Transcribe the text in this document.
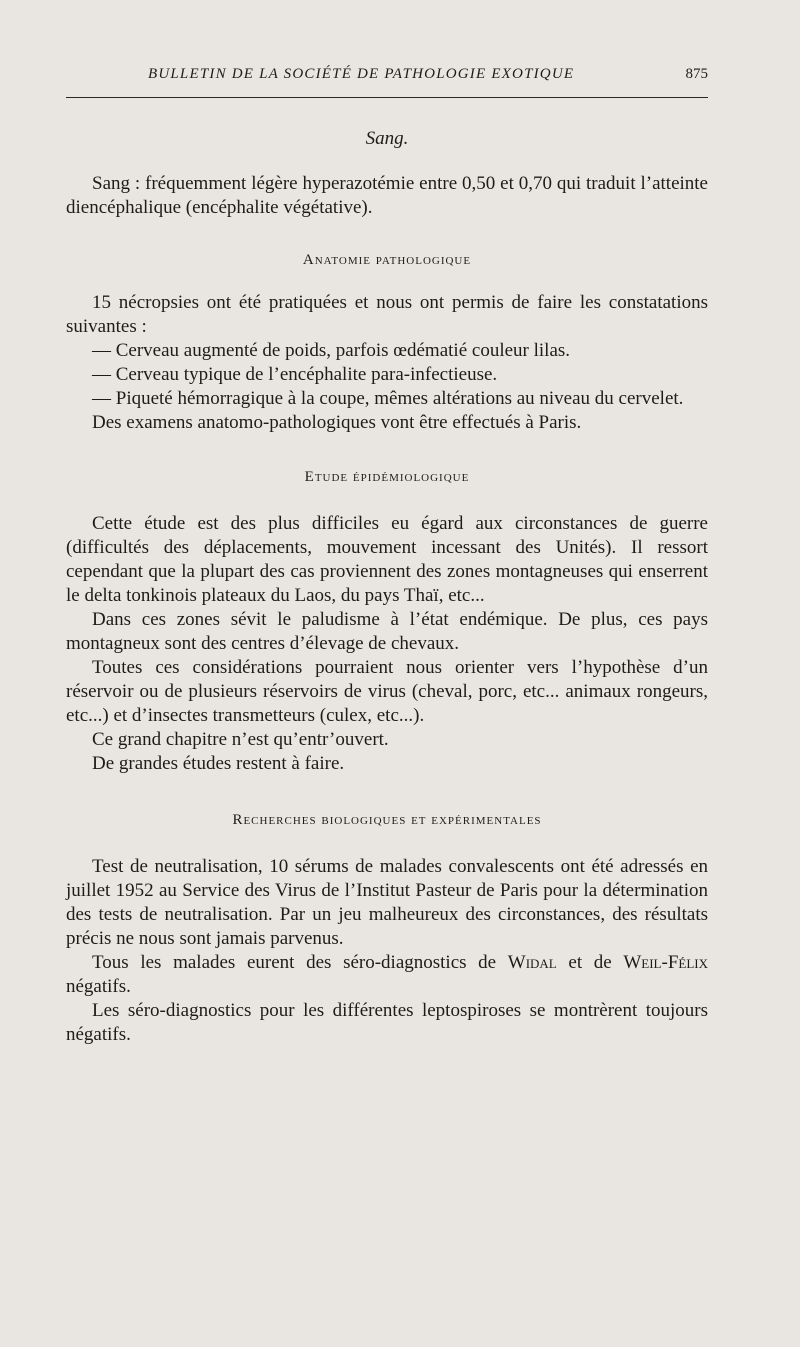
BULLETIN DE LA SOCIÉTÉ DE PATHOLOGIE EXOTIQUE	875
Sang.

Sang : fréquemment légère hyperazotémie entre 0,50 et 0,70 qui traduit l’atteinte diencéphalique (encéphalite végétative).

Anatomie pathologique

15 nécropsies ont été pratiquées et nous ont permis de faire les constatations suivantes :

— Cerveau augmenté de poids, parfois œdématié couleur lilas.

— Cerveau typique de l’encéphalite para-infectieuse.

— Piqueté hémorragique à la coupe, mêmes altérations au niveau du cervelet.

Des examens anatomo-pathologiques vont être effectués à Paris.

Etude épidémiologique

Cette étude est des plus difficiles eu égard aux circonstances de guerre (difficultés des déplacements, mouvement incessant des Unités). Il ressort cependant que la plupart des cas proviennent des zones montagneuses qui enserrent le delta tonkinois plateaux du Laos, du pays Thaï, etc...

Dans ces zones sévit le paludisme à l’état endémique. De plus, ces pays montagneux sont des centres d’élevage de chevaux.

Toutes ces considérations pourraient nous orienter vers l’hypothèse d’un réservoir ou de plusieurs réservoirs de virus (cheval, porc, etc... animaux rongeurs, etc...) et d’insectes transmetteurs (culex, etc...).

Ce grand chapitre n’est qu’entr’ouvert.

De grandes études restent à faire.

Recherches biologiques et expérimentales

Test de neutralisation, 10 sérums de malades convalescents ont été adressés en juillet 1952 au Service des Virus de l’Institut Pasteur de Paris pour la détermination des tests de neutralisation. Par un jeu malheureux des circonstances, des résultats précis ne nous sont jamais parvenus.

Tous les malades eurent des séro-diagnostics de Widal et de Weil-Félix négatifs.

Les séro-diagnostics pour les différentes leptospiroses se montrèrent toujours négatifs.
